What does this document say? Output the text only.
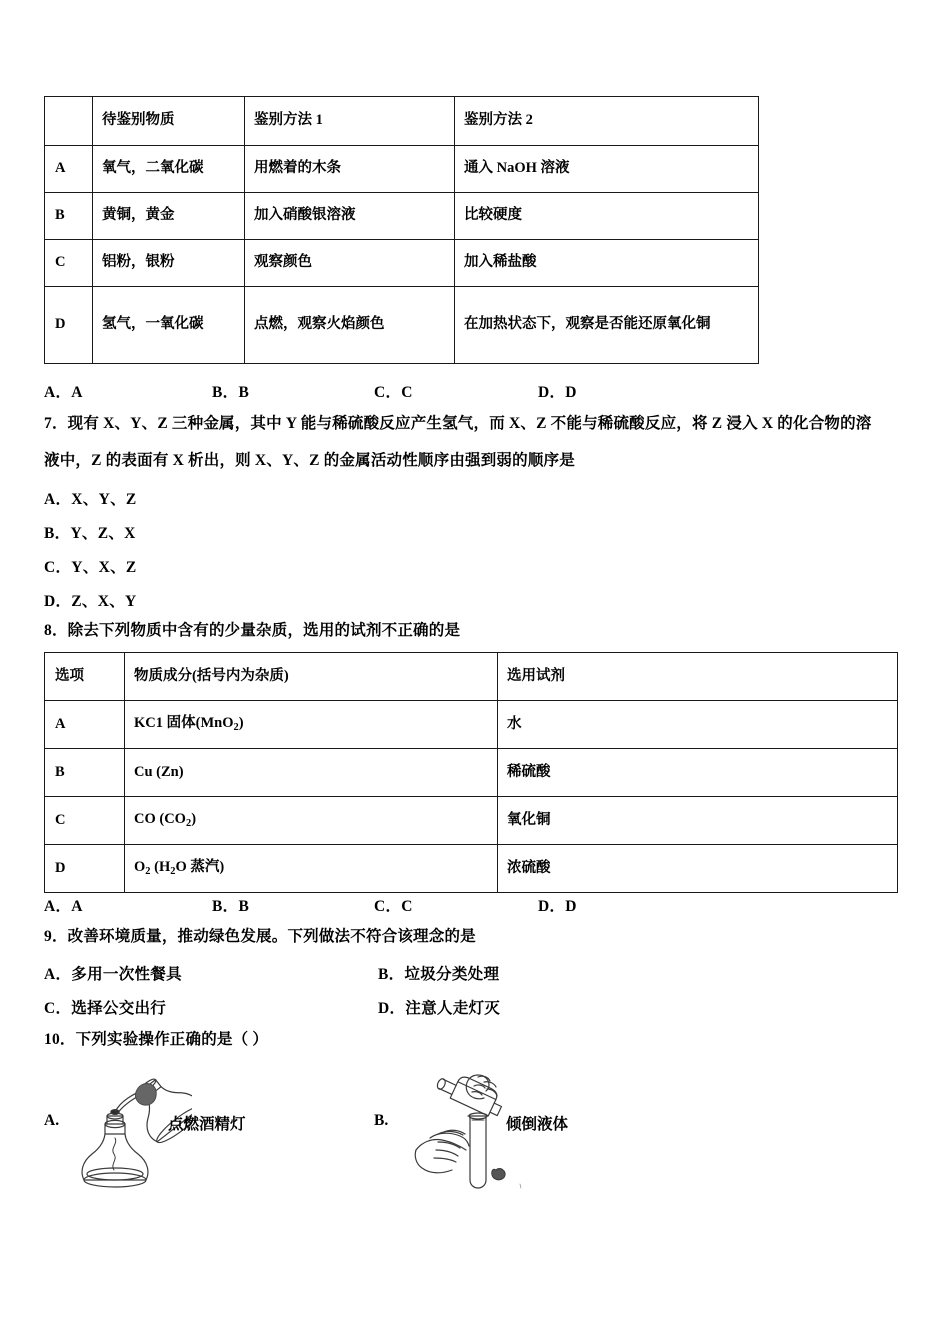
	待鉴别物质	鉴别方法 1	鉴别方法 2
A	氧气，二氧化碳	用燃着的木条	通入 NaOH 溶液
B	黄铜，黄金	加入硝酸银溶液	比较硬度
C	铝粉，银粉	观察颜色	加入稀盐酸
D	氢气，一氧化碳	点燃，观察火焰颜色	在加热状态下，观察是否能还原氧化铜
A．A	B．B	C．C	D．D
7．现有 X、Y、Z 三种金属，其中 Y 能与稀硫酸反应产生氢气，而 X、Z 不能与稀硫酸反应，将 Z 浸入 X 的化合物的溶
液中，Z 的表面有 X 析出，则 X、Y、Z 的金属活动性顺序由强到弱的顺序是
A．X、Y、Z
B．Y、Z、X
C．Y、X、Z
D．Z、X、Y
8．除去下列物质中含有的少量杂质，选用的试剂不正确的是
选项	物质成分(括号内为杂质)	选用试剂
A	KC1 固体(MnO$_2$)	水
B	Cu (Zn)	稀硫酸
C	CO $(CO_2)$	氧化铜
D	$O_2$ ($H_2O$ 蒸汽)	浓硫酸
A．A	B．B	C．C	D．D
9．改善环境质量，推动绿色发展。下列做法不符合该理念的是
A．多用一次性餐具	B．垃圾分类处理
C．选择公交出行	D．注意人走灯灭
10．下列实验操作正确的是（ ）
A.	点燃酒精灯	B.	倾倒液体
